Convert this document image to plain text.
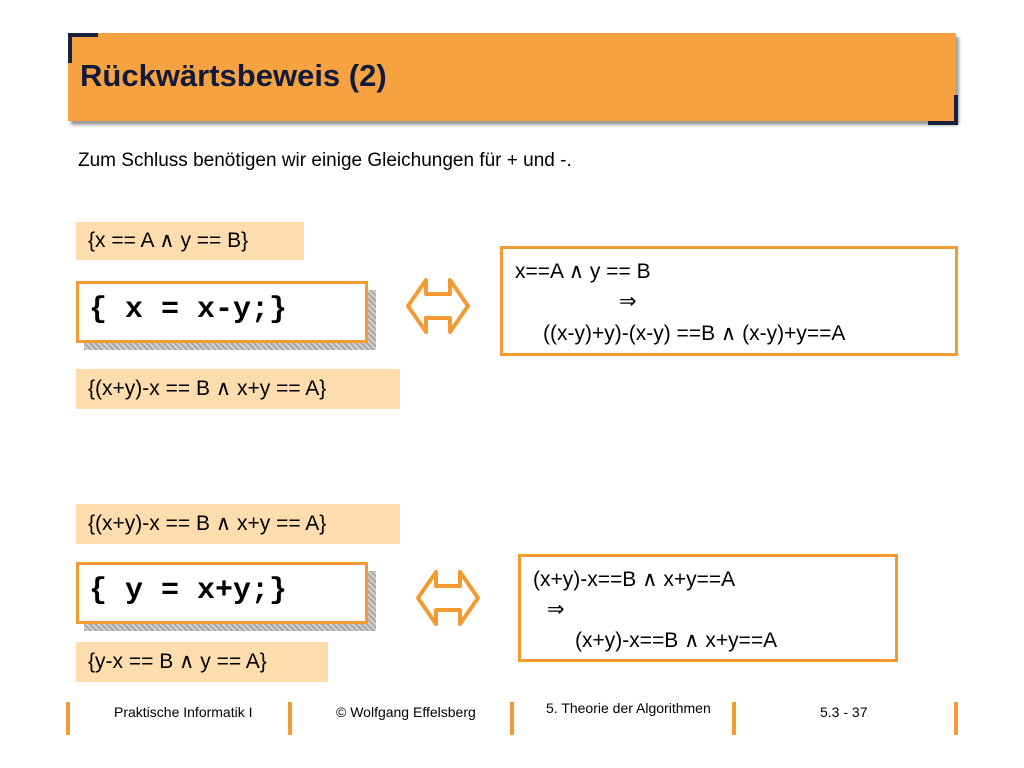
Rückwärtsbeweis (2)
Zum Schluss benötigen wir einige Gleichungen für + und -.
{x == A ∧ y == B}
{ x = x-y;}
x==A ∧ y == B
⇒
((x-y)+y)-(x-y) ==B ∧ (x-y)+y==A
{(x+y)-x == B ∧ x+y == A}
{(x+y)-x == B ∧ x+y == A}
{ y = x+y;}	(x+y)-x==B ∧ x+y==A
⇒
(x+y)-x==B ∧ x+y==A
{y-x == B ∧ y == A}
Praktische Informatik I	© Wolfgang Effelsberg	5. Theorie der Algorithmen	5.3 - 37
